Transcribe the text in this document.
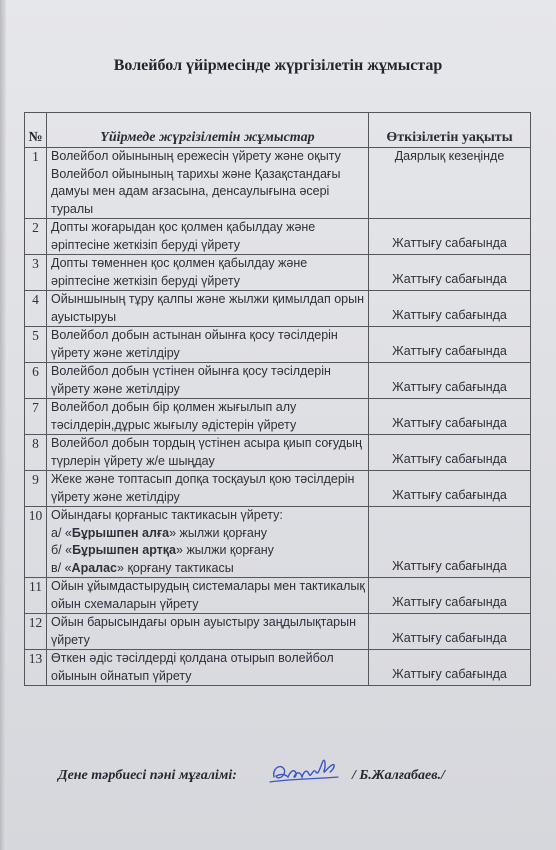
Волейбол үйірмесінде жүргізілетін жұмыстар
№	Үйірмеде жүргізілетін жұмыстар	Өткізілетін уақыты
1	Волейбол ойынының ережесін үйрету және оқыту
Волейбол ойынының тарихы және Қазақстандағы дамуы мен адам ағзасына, денсаулығына әсері туралы	Даярлық кезеңінде
2	Допты жоғарыдан қос қолмен қабылдау және әріптесіне жеткізіп беруді үйрету	Жаттығу сабағында
3	Допты төменнен қос қолмен қабылдау және әріптесіне жеткізіп беруді үйрету	Жаттығу сабағында
4	Ойыншының тұру қалпы және жылжи қимылдап орын ауыстыруы	Жаттығу сабағында
5	Волейбол добын астынан ойынға қосу тәсілдерін үйрету және жетілдіру	Жаттығу сабағында
6	Волейбол добын үстінен ойынға қосу тәсілдерін үйрету және жетілдіру	Жаттығу сабағында
7	Волейбол добын бір қолмен жығылып алу тәсілдерін,дұрыс жығылу әдістерін үйрету	Жаттығу сабағында
8	Волейбол добын тордың үстінен асыра қиып соғудың түрлерін үйрету ж/е шыңдау	Жаттығу сабағында
9	Жеке және топтасып допқа тосқауыл қою тәсілдерін үйрету және жетілдіру	Жаттығу сабағында
10	Ойындағы қорғаныс тактикасын үйрету:
а/ «Бұрышпен алға» жылжи қорғану
б/ «Бұрышпен артқа» жылжи қорғану
в/ «Аралас» қорғану тактикасы	Жаттығу сабағында
11	Ойын ұйымдастырудың системалары мен тактикалық ойын схемаларын үйрету	Жаттығу сабағында
12	Ойын барысындағы орын ауыстыру заңдылықтарын үйрету	Жаттығу сабағында
13	Өткен әдіс тәсілдерді қолдана отырып волейбол ойынын ойнатып үйрету	Жаттығу сабағында
Дене тәрбиесі пәні мұғалімі:	/ Б.Жалғабаев./
